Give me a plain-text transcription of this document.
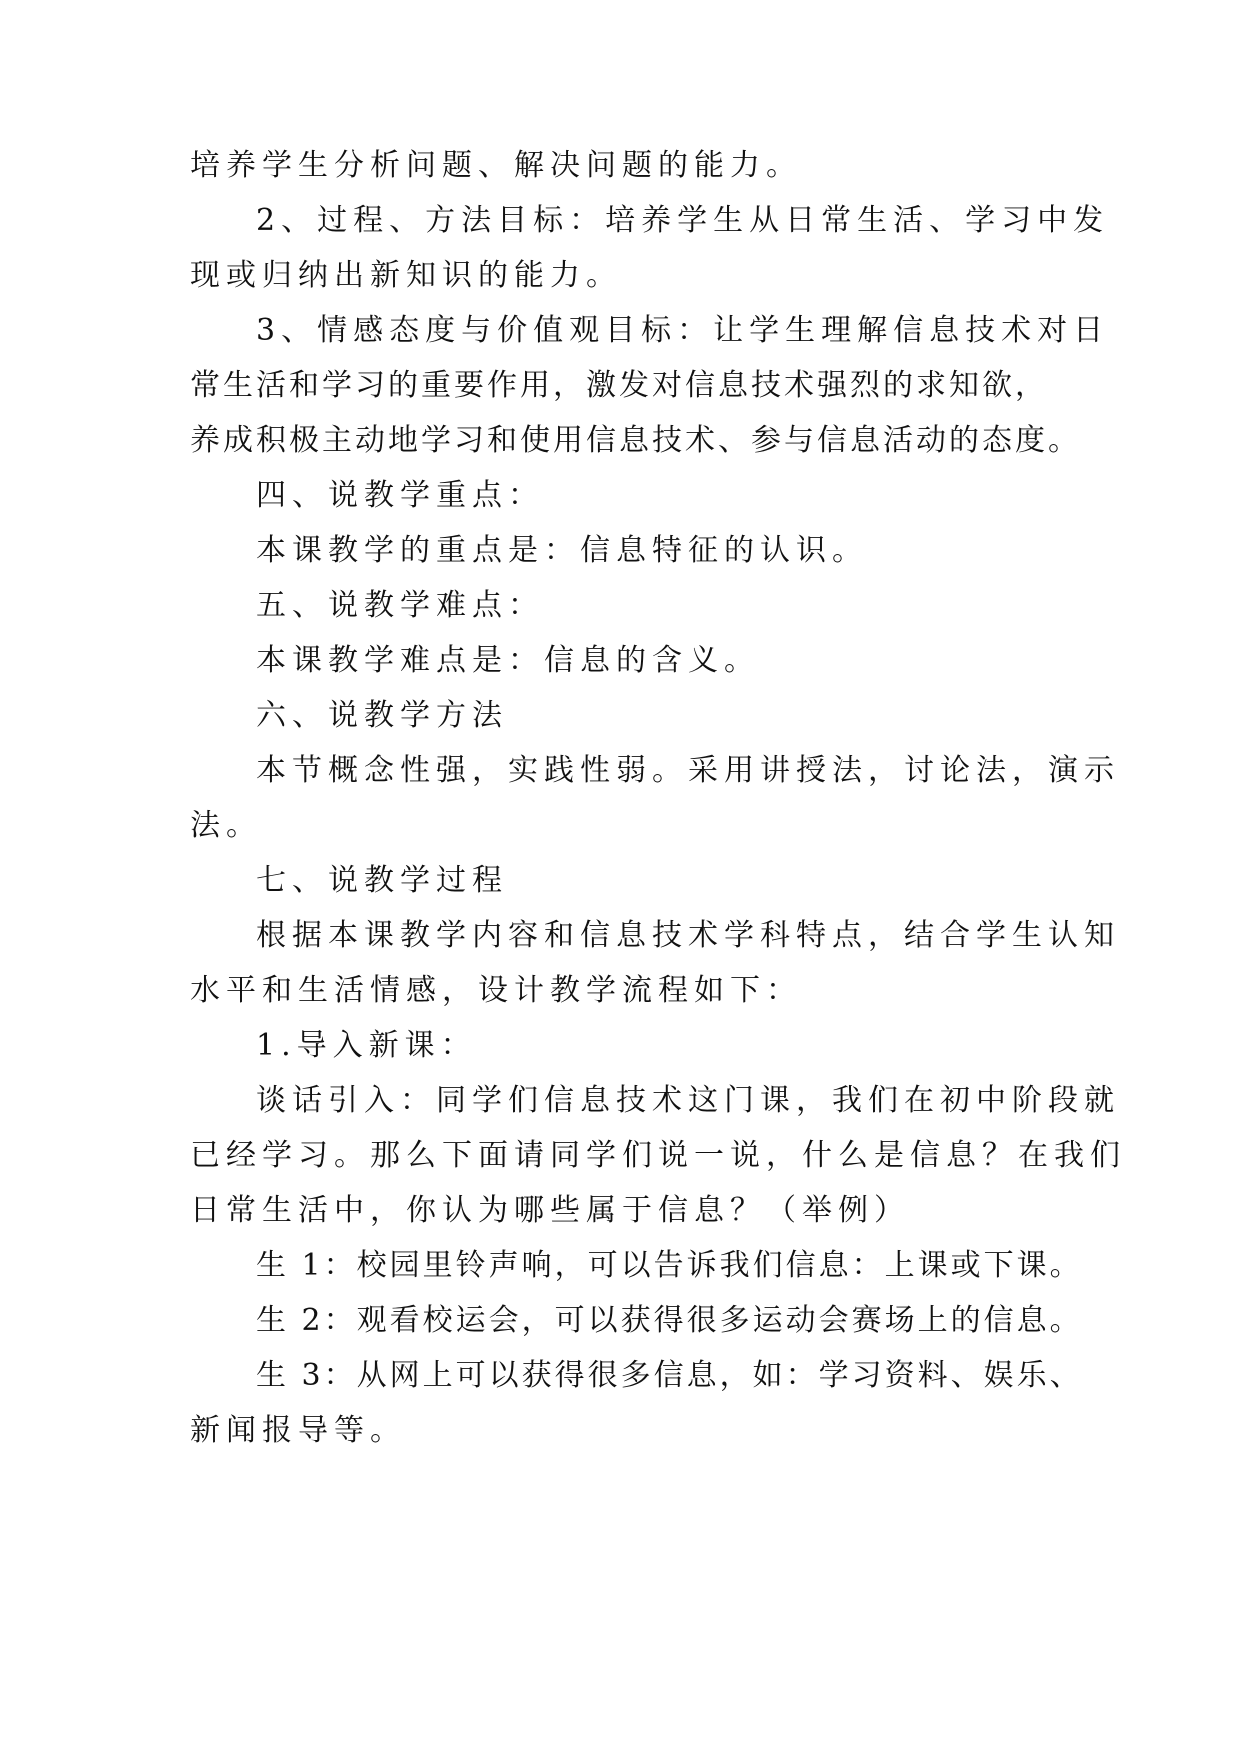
培养学生分析问题、解决问题的能力。
2、过程、方法目标：培养学生从日常生活、学习中发
现或归纳出新知识的能力。
3、情感态度与价值观目标：让学生理解信息技术对日
常生活和学习的重要作用，激发对信息技术强烈的求知欲，
养成积极主动地学习和使用信息技术、参与信息活动的态度。
四、说教学重点：
本课教学的重点是：信息特征的认识。
五、说教学难点：
本课教学难点是：信息的含义。
六、说教学方法
本节概念性强，实践性弱。采用讲授法，讨论法，演示
法。
七、说教学过程
根据本课教学内容和信息技术学科特点，结合学生认知
水平和生活情感，设计教学流程如下：
1.导入新课：
谈话引入：同学们信息技术这门课，我们在初中阶段就
已经学习。那么下面请同学们说一说，什么是信息？在我们
日常生活中，你认为哪些属于信息？（举例）
生 1：校园里铃声响，可以告诉我们信息：上课或下课。
生 2：观看校运会，可以获得很多运动会赛场上的信息。
生 3：从网上可以获得很多信息，如：学习资料、娱乐、
新闻报导等。
